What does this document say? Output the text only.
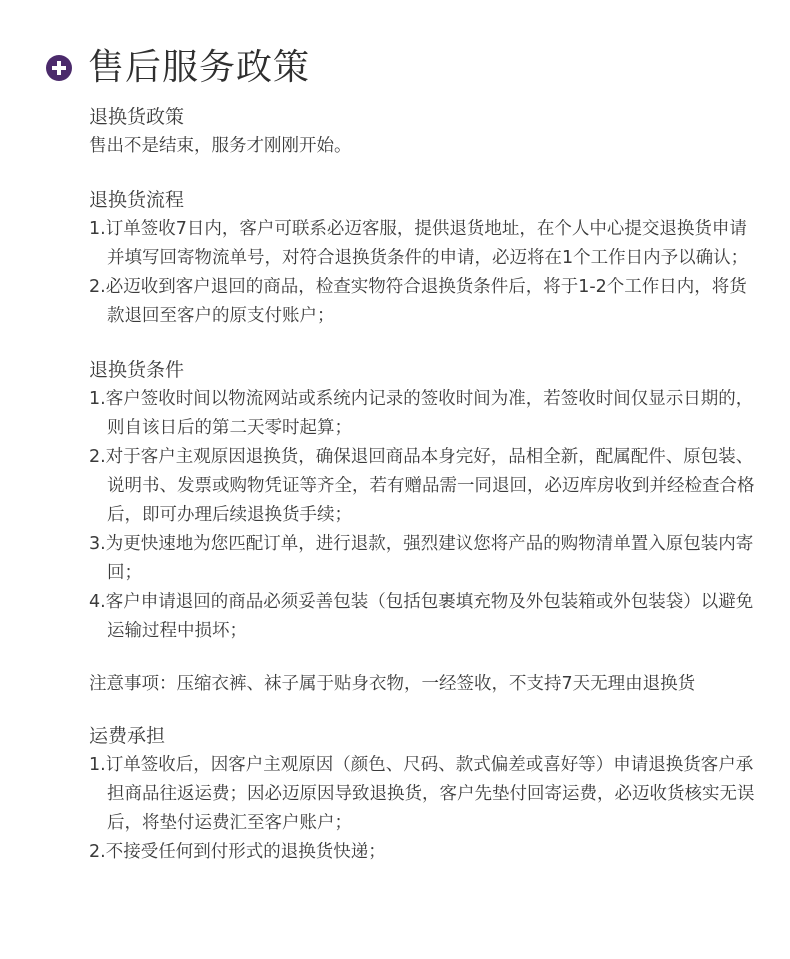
售后服务政策
退换货政策
售出不是结束，服务才刚刚开始。
退换货流程
1.订单签收7日内，客户可联系必迈客服，提供退货地址，在个人中心提交退换货申请并填写回寄物流单号，对符合退换货条件的申请，必迈将在1个工作日内予以确认；
2.必迈收到客户退回的商品，检查实物符合退换货条件后，将于1-2个工作日内，将货款退回至客户的原支付账户；
退换货条件
1.客户签收时间以物流网站或系统内记录的签收时间为准，若签收时间仅显示日期的，则自该日后的第二天零时起算；
2.对于客户主观原因退换货，确保退回商品本身完好，品相全新，配属配件、原包装、说明书、发票或购物凭证等齐全，若有赠品需一同退回，必迈库房收到并经检查合格后，即可办理后续退换货手续；
3.为更快速地为您匹配订单，进行退款，强烈建议您将产品的购物清单置入原包装内寄回；
4.客户申请退回的商品必须妥善包装（包括包裹填充物及外包装箱或外包装袋）以避免运输过程中损坏；
注意事项：压缩衣裤、袜子属于贴身衣物，一经签收，不支持7天无理由退换货
运费承担
1.订单签收后，因客户主观原因（颜色、尺码、款式偏差或喜好等）申请退换货客户承担商品往返运费；因必迈原因导致退换货，客户先垫付回寄运费，必迈收货核实无误后，将垫付运费汇至客户账户；
2.不接受任何到付形式的退换货快递；
